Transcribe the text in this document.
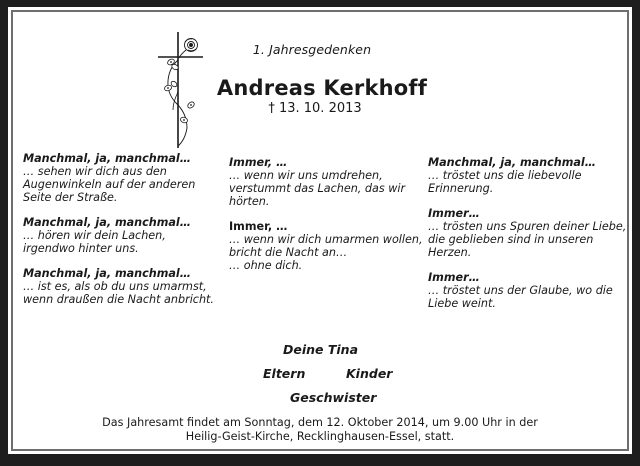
1. Jahresgedenken
Andreas Kerkhoff
† 13. 10. 2013
Manchmal, ja, manchmal…
… sehen wir dich aus den
Augenwinkeln auf der anderen
Seite der Straße.
Manchmal, ja, manchmal…
… hören wir dein Lachen,
irgendwo hinter uns.
Manchmal, ja, manchmal…
… ist es, als ob du uns umarmst,
wenn draußen die Nacht anbricht.
Immer, …
… wenn wir uns umdrehen,
verstummt das Lachen, das wir
hörten.
Immer, …
… wenn wir dich umarmen wollen,
bricht die Nacht an…
… ohne dich.
Manchmal, ja, manchmal…
… tröstet uns die liebevolle
Erinnerung.
Immer…
… trösten uns Spuren deiner Liebe,
die geblieben sind in unseren
Herzen.
Immer…
… tröstet uns der Glaube, wo die
Liebe weint.
Deine Tina
Eltern	Kinder
Geschwister
Das Jahresamt findet am Sonntag, dem 12. Oktober 2014, um 9.00 Uhr in der
Heilig-Geist-Kirche, Recklinghausen-Essel, statt.
